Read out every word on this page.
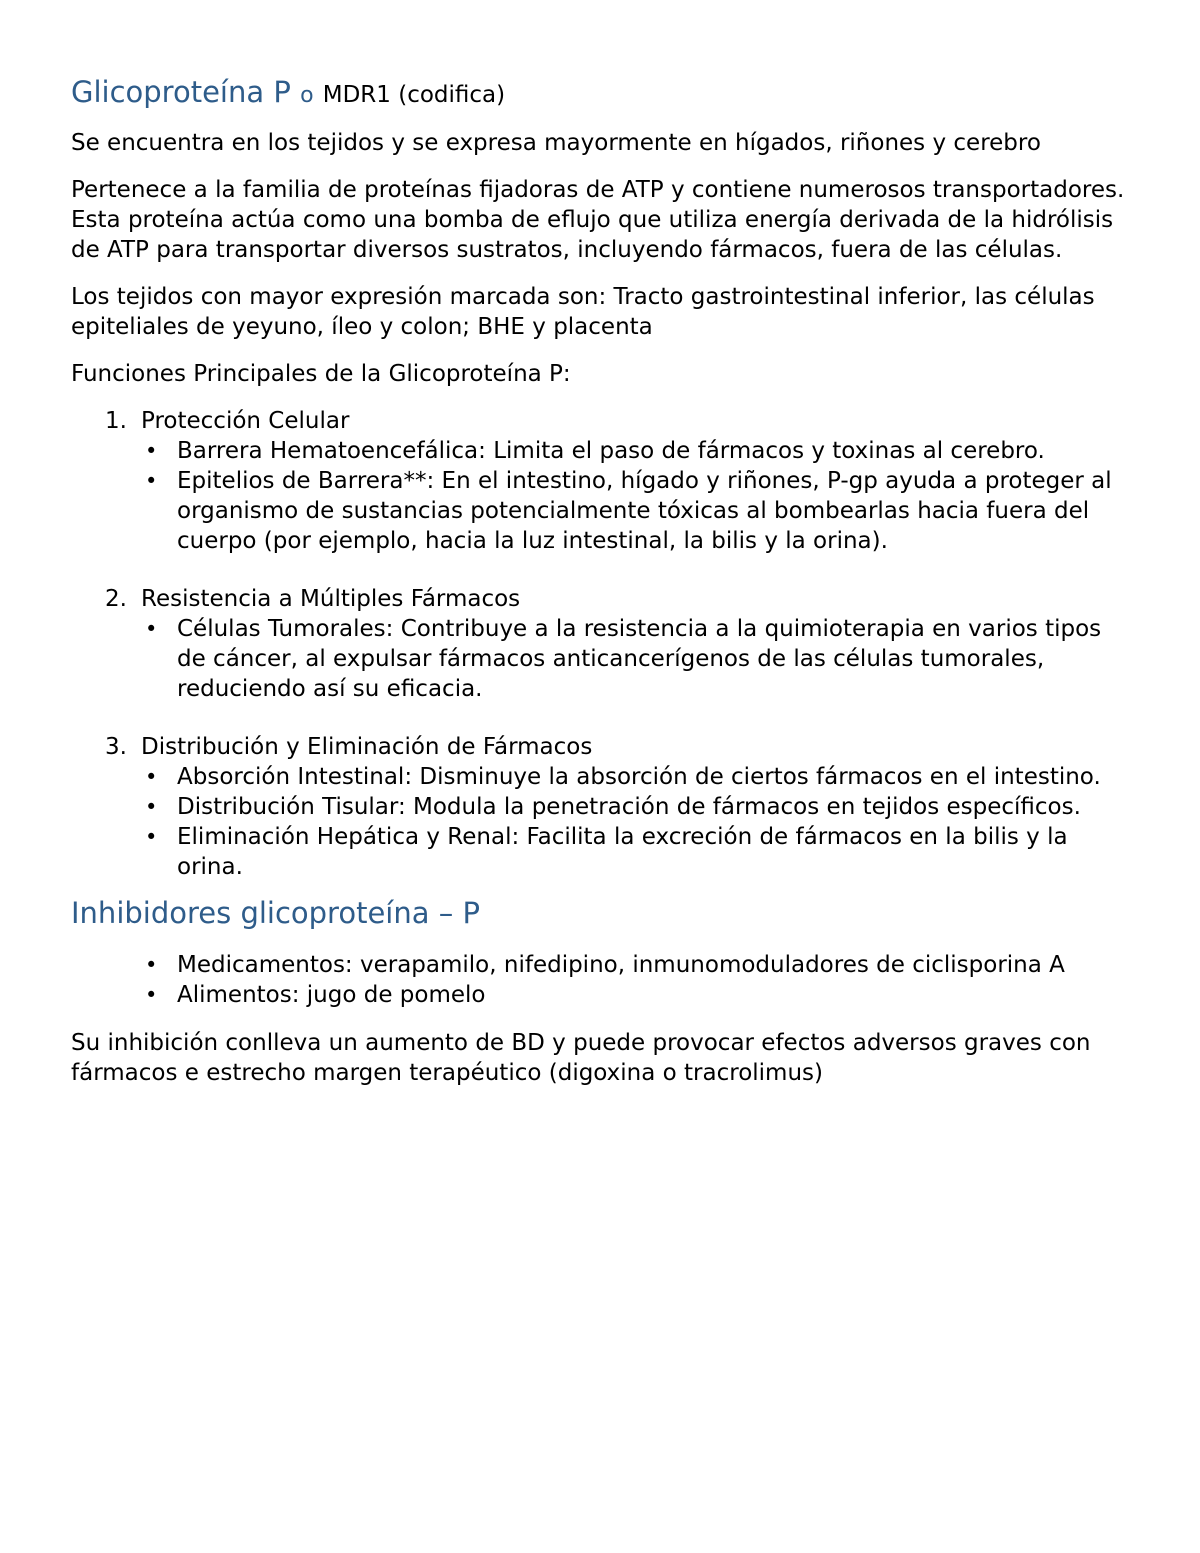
Glicoproteína P o MDR1 (codifica)

Se encuentra en los tejidos y se expresa mayormente en hígados, riñones y cerebro

Pertenece a la familia de proteínas fijadoras de ATP y contiene numerosos transportadores. Esta proteína actúa como una bomba de eflujo que utiliza energía derivada de la hidrólisis de ATP para transportar diversos sustratos, incluyendo fármacos, fuera de las células.

Los tejidos con mayor expresión marcada son: Tracto gastrointestinal inferior, las células epiteliales de yeyuno, íleo y colon; BHE y placenta

Funciones Principales de la Glicoproteína P:

1. Protección Celular
• Barrera Hematoencefálica: Limita el paso de fármacos y toxinas al cerebro.
• Epitelios de Barrera**: En el intestino, hígado y riñones, P-gp ayuda a proteger al organismo de sustancias potencialmente tóxicas al bombearlas hacia fuera del cuerpo (por ejemplo, hacia la luz intestinal, la bilis y la orina).
2. Resistencia a Múltiples Fármacos
• Células Tumorales: Contribuye a la resistencia a la quimioterapia en varios tipos de cáncer, al expulsar fármacos anticancerígenos de las células tumorales, reduciendo así su eficacia.
3. Distribución y Eliminación de Fármacos
• Absorción Intestinal: Disminuye la absorción de ciertos fármacos en el intestino.
• Distribución Tisular: Modula la penetración de fármacos en tejidos específicos.
• Eliminación Hepática y Renal: Facilita la excreción de fármacos en la bilis y la orina.
Inhibidores glicoproteína – P
• Medicamentos: verapamilo, nifedipino, inmunomoduladores de ciclisporina A
• Alimentos: jugo de pomelo

Su inhibición conlleva un aumento de BD y puede provocar efectos adversos graves con fármacos e estrecho margen terapéutico (digoxina o tracrolimus)
